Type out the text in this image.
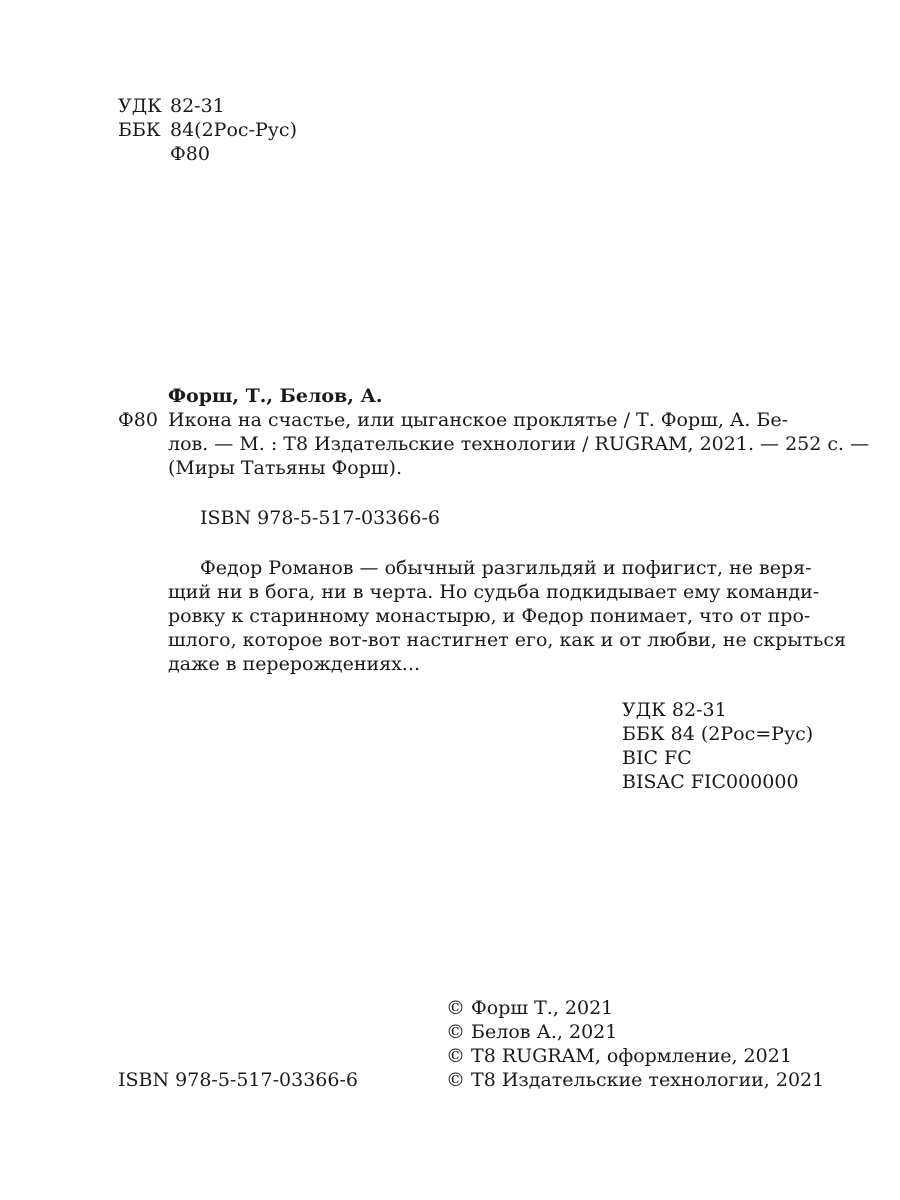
УДК 82-31
ББК 84(2Рос-Рус)
Ф80

Форш, Т., Белов, А.

Ф80 Икона на счастье, или цыганское проклятье / Т. Форш, А. Бе-

лов. — М. : Т8 Издательские технологии / RUGRAM, 2021. — 252 с. —

(Миры Татьяны Форш).

ISBN 978-5-517-03366-6

Федор Романов — обычный разгильдяй и пофигист, не веря-

щий ни в бога, ни в черта. Но судьба подкидывает ему команди-

ровку к старинному монастырю, и Федор понимает, что от про-

шлого, которое вот-вот настигнет его, как и от любви, не скрыться

даже в перерождениях...

УДК 82-31

ББК 84 (2Рос=Рус)

BIC FC

BISAC FIC000000

© Форш Т., 2021

© Белов А., 2021

© Т8 RUGRAM, оформление, 2021

© Т8 Издательские технологии, 2021

ISBN 978-5-517-03366-6
